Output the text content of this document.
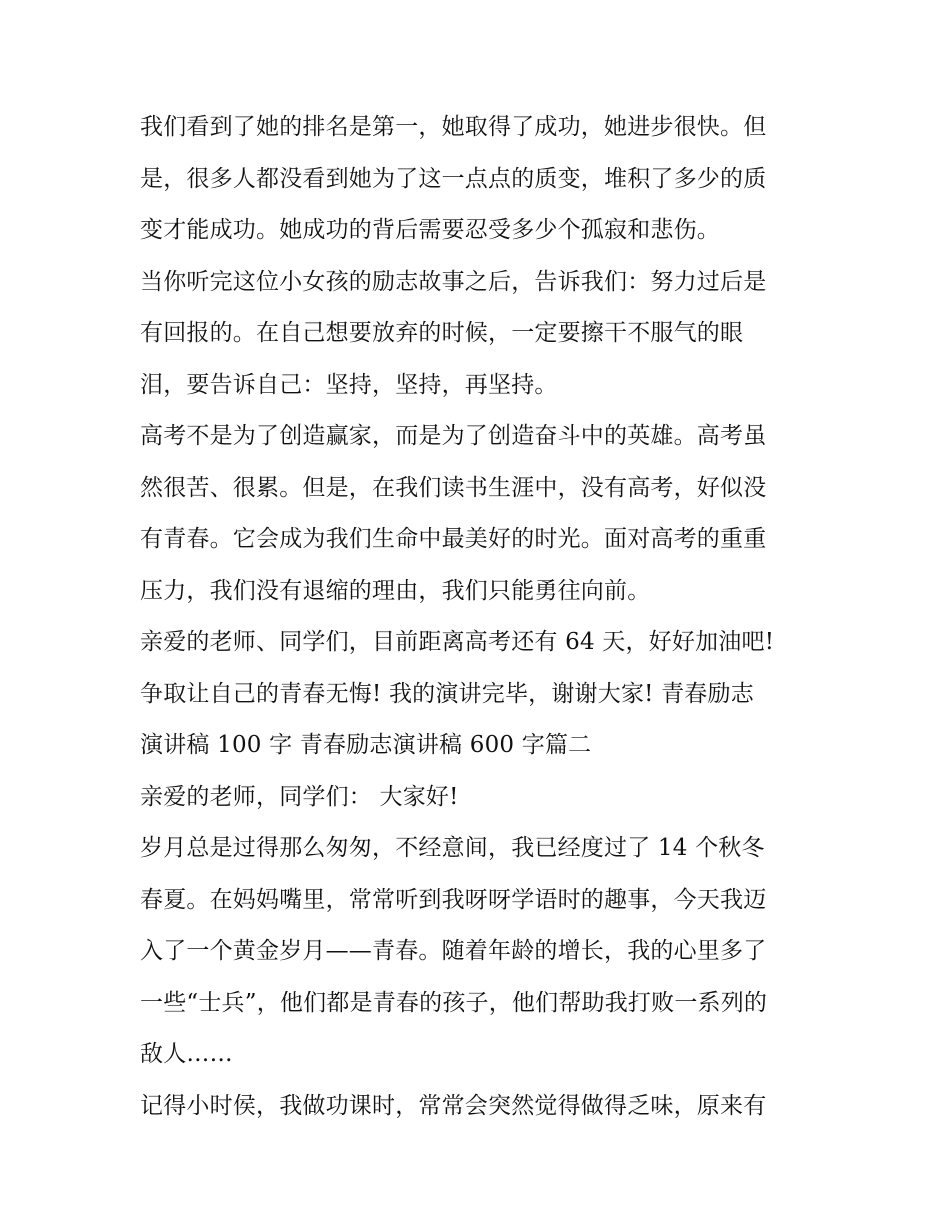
我们看到了她的排名是第一，她取得了成功，她进步很快。但
是，很多人都没看到她为了这一点点的质变，堆积了多少的质
变才能成功。她成功的背后需要忍受多少个孤寂和悲伤。
当你听完这位小女孩的励志故事之后，告诉我们：努力过后是
有回报的。在自己想要放弃的时候，一定要擦干不服气的眼
泪，要告诉自己：坚持，坚持，再坚持。
高考不是为了创造赢家，而是为了创造奋斗中的英雄。高考虽
然很苦、很累。但是，在我们读书生涯中，没有高考，好似没
有青春。它会成为我们生命中最美好的时光。面对高考的重重
压力，我们没有退缩的理由，我们只能勇往向前。
亲爱的老师、同学们，目前距离高考还有 64 天，好好加油吧!
争取让自己的青春无悔! 我的演讲完毕，谢谢大家! 青春励志
演讲稿 100 字 青春励志演讲稿 600 字篇二
亲爱的老师，同学们： 大家好!
岁月总是过得那么匆匆，不经意间，我已经度过了 14 个秋冬
春夏。在妈妈嘴里，常常听到我呀呀学语时的趣事，今天我迈
入了一个黄金岁月——青春。随着年龄的增长，我的心里多了
一些“士兵”，他们都是青春的孩子，他们帮助我打败一系列的
敌人……
记得小时侯，我做功课时，常常会突然觉得做得乏味，原来有
